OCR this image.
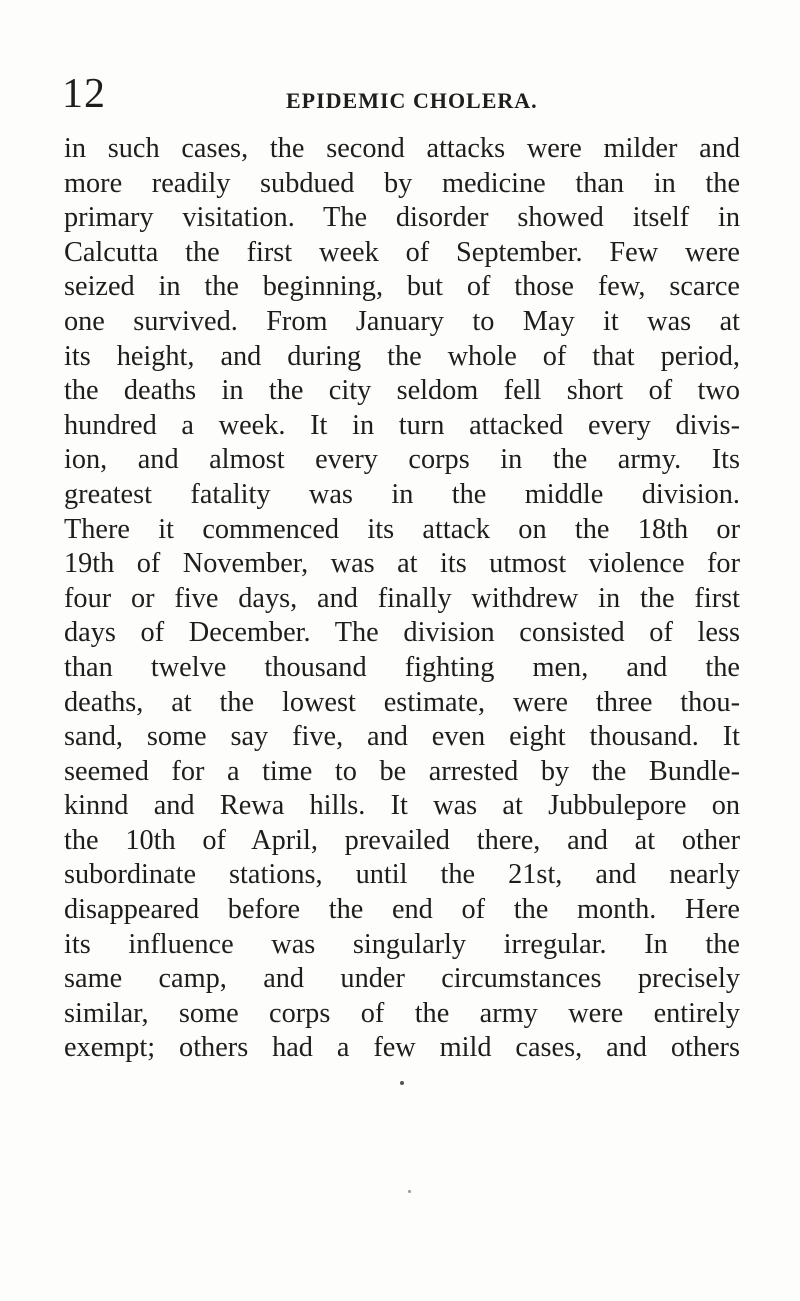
12	EPIDEMIC CHOLERA.
in such cases, the second attacks were milder and
more readily subdued by medicine than in the
primary visitation. The disorder showed itself in
Calcutta the first week of September. Few were
seized in the beginning, but of those few, scarce
one survived. From January to May it was at
its height, and during the whole of that period,
the deaths in the city seldom fell short of two
hundred a week. It in turn attacked every divis-
ion, and almost every corps in the army. Its
greatest fatality was in the middle division.
There it commenced its attack on the 18th or
19th of November, was at its utmost violence for
four or five days, and finally withdrew in the first
days of December. The division consisted of less
than twelve thousand fighting men, and the
deaths, at the lowest estimate, were three thou-
sand, some say five, and even eight thousand. It
seemed for a time to be arrested by the Bundle-
kinnd and Rewa hills. It was at Jubbulepore on
the 10th of April, prevailed there, and at other
subordinate stations, until the 21st, and nearly
disappeared before the end of the month. Here
its influence was singularly irregular. In the
same camp, and under circumstances precisely
similar, some corps of the army were entirely
exempt; others had a few mild cases, and others
